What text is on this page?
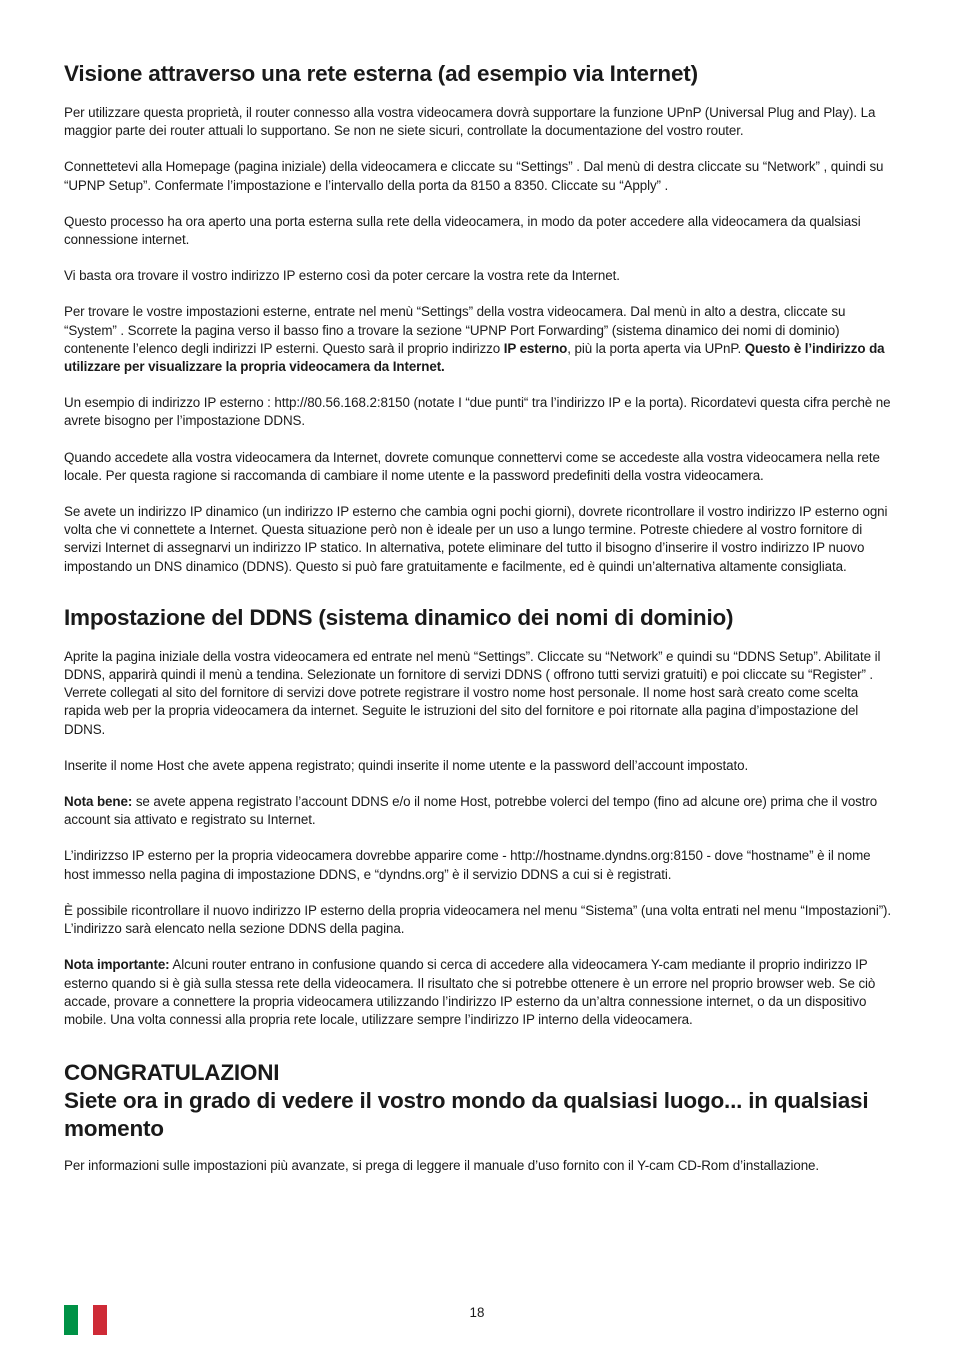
Visione attraverso una rete esterna (ad esempio via Internet)

Per utilizzare questa proprietà, il router connesso alla vostra videocamera dovrà supportare la funzione UPnP (Universal Plug and Play). La maggior parte dei router attuali lo supportano. Se non ne siete sicuri, controllate la documentazione del vostro router.

Connettetevi alla Homepage (pagina iniziale) della videocamera e cliccate su “Settings” . Dal menù di destra cliccate su “Network” , quindi su “UPNP Setup”. Confermate l’impostazione e l’intervallo della porta da 8150 a 8350. Cliccate su “Apply” .

Questo processo ha ora aperto una porta esterna sulla rete della videocamera, in modo da poter accedere alla videocamera da qualsiasi connessione internet.

Vi basta ora trovare il vostro indirizzo IP esterno così da poter cercare la vostra rete da Internet.

Per trovare le vostre impostazioni esterne, entrate nel menù “Settings” della vostra videocamera. Dal menù in alto a destra, cliccate su “System” . Scorrete la pagina verso il basso fino a trovare la sezione “UPNP Port Forwarding” (sistema dinamico dei nomi di dominio) contenente l’elenco degli indirizzi IP esterni. Questo sarà il proprio indirizzo IP esterno, più la porta aperta via UPnP. Questo è l’indirizzo da utilizzare per visualizzare la propria videocamera da Internet.

Un esempio di indirizzo IP esterno : http://80.56.168.2:8150 (notate I “due punti“ tra l’indirizzo IP e la porta). Ricordatevi questa cifra perchè ne avrete bisogno per l’impostazione DDNS.

Quando accedete alla vostra videocamera da Internet, dovrete comunque connettervi come se accedeste alla vostra videocamera nella rete locale. Per questa ragione si raccomanda di cambiare il nome utente e la password predefiniti della vostra videocamera.

Se avete un indirizzo IP dinamico (un indirizzo IP esterno che cambia ogni pochi giorni), dovrete ricontrollare il vostro indirizzo IP esterno ogni volta che vi connettete a Internet. Questa situazione però non è ideale per un uso a lungo termine. Potreste chiedere al vostro fornitore di servizi Internet di assegnarvi un indirizzo IP statico. In alternativa, potete eliminare del tutto il bisogno d’inserire il vostro indirizzo IP nuovo impostando un DNS dinamico (DDNS). Questo si può fare gratuitamente e facilmente, ed è quindi un’alternativa altamente consigliata.

Impostazione del DDNS (sistema dinamico dei nomi di dominio)

Aprite la pagina iniziale della vostra videocamera ed entrate nel menù “Settings”. Cliccate su “Network” e quindi su “DDNS Setup”. Abilitate il DDNS, apparirà quindi il menù a tendina. Selezionate un fornitore di servizi DDNS ( offrono tutti servizi gratuiti) e poi cliccate su “Register” . Verrete collegati al sito del fornitore di servizi dove potrete registrare il vostro nome host personale. Il nome host sarà creato come scelta rapida web per la propria videocamera da internet. Seguite le istruzioni del sito del fornitore e poi ritornate alla pagina d’impostazione del DDNS.

Inserite il nome Host che avete appena registrato; quindi inserite il nome utente e la password dell’account impostato.

Nota bene: se avete appena registrato l’account DDNS e/o il nome Host, potrebbe volerci del tempo (fino ad alcune ore) prima che il vostro account sia attivato e registrato su Internet.

L’indirizzso IP esterno per la propria videocamera dovrebbe apparire come - http://hostname.dyndns.org:8150 - dove “hostname” è il nome host immesso nella pagina di impostazione DDNS, e “dyndns.org” è il servizio DDNS a cui si è registrati.

È possibile ricontrollare il nuovo indirizzo IP esterno della propria videocamera nel menu “Sistema” (una volta entrati nel menu “Impostazioni”). L’indirizzo sarà elencato nella sezione DDNS della pagina.

Nota importante: Alcuni router entrano in confusione quando si cerca di accedere alla videocamera Y-cam mediante il proprio indirizzo IP esterno quando si è già sulla stessa rete della videocamera. Il risultato che si potrebbe ottenere è un errore nel proprio browser web. Se ciò accade, provare a connettere la propria videocamera utilizzando l’indirizzo IP esterno da un’altra connessione internet, o da un dispositivo mobile. Una volta connessi alla propria rete locale, utilizzare sempre l’indirizzo IP interno della videocamera.

CONGRATULAZIONI
Siete ora in grado di vedere il vostro mondo da qualsiasi luogo... in qualsiasi momento

Per informazioni sulle impostazioni più avanzate, si prega di leggere il manuale d’uso fornito con il Y-cam CD-Rom d’installazione.

18
